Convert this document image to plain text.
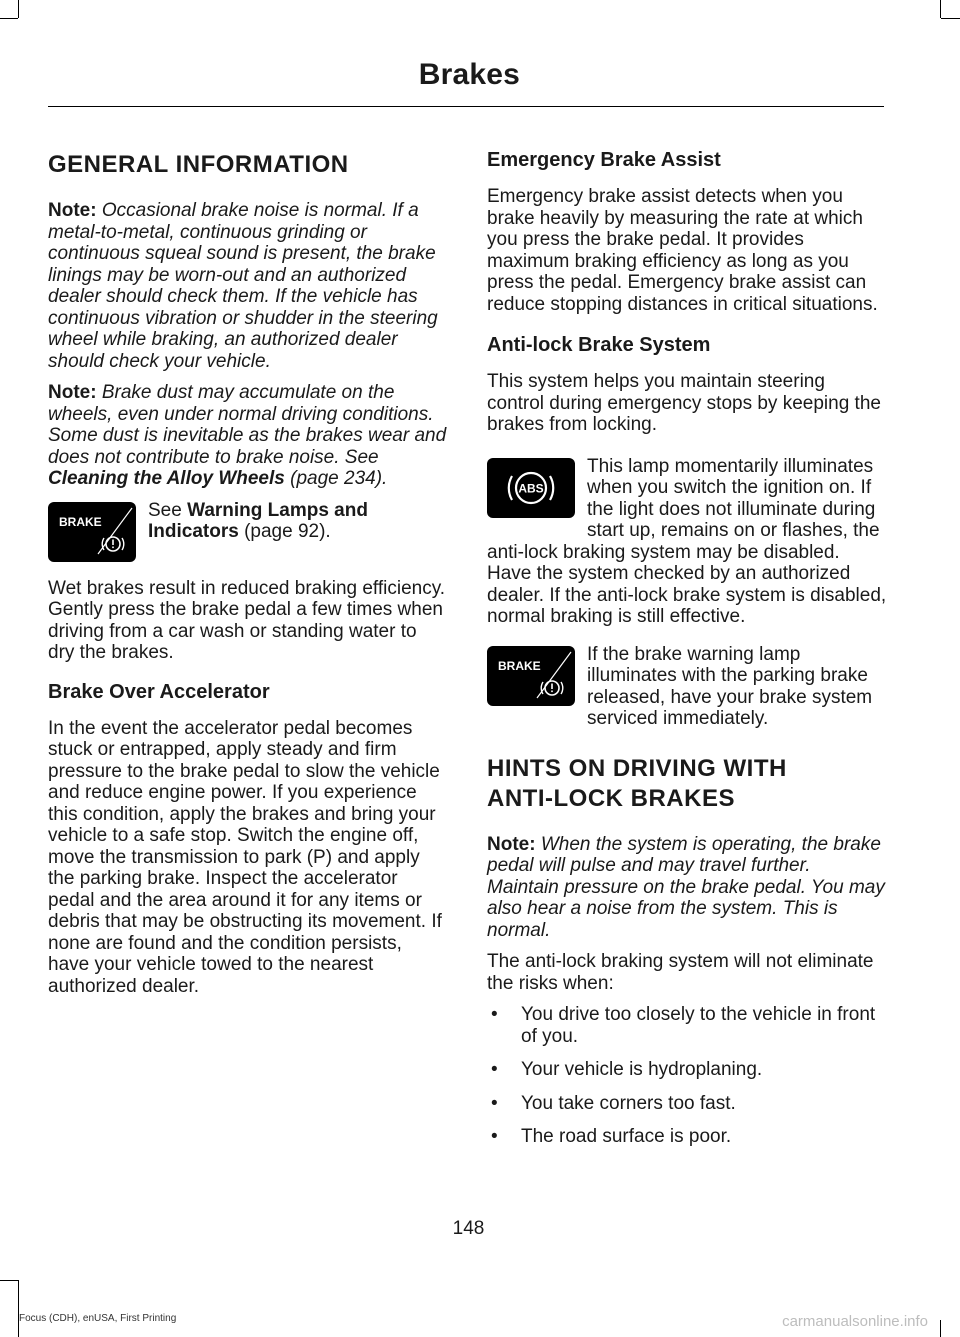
Brakes
GENERAL INFORMATION

Note: Occasional brake noise is normal. If a metal-to-metal, continuous grinding or continuous squeal sound is present, the brake linings may be worn-out and an authorized dealer should check them. If the vehicle has continuous vibration or shudder in the steering wheel while braking, an authorized dealer should check your vehicle.

Note: Brake dust may accumulate on the wheels, even under normal driving conditions. Some dust is inevitable as the brakes wear and does not contribute to brake noise. See Cleaning the Alloy Wheels (page 234).

BRAKE
See Warning Lamps and Indicators (page 92).

Wet brakes result in reduced braking efficiency. Gently press the brake pedal a few times when driving from a car wash or standing water to dry the brakes.

Brake Over Accelerator

In the event the accelerator pedal becomes stuck or entrapped, apply steady and firm pressure to the brake pedal to slow the vehicle and reduce engine power. If you experience this condition, apply the brakes and bring your vehicle to a safe stop. Switch the engine off, move the transmission to park (P) and apply the parking brake. Inspect the accelerator pedal and the area around it for any items or debris that may be obstructing its movement. If none are found and the condition persists, have your vehicle towed to the nearest authorized dealer.

Emergency Brake Assist

Emergency brake assist detects when you brake heavily by measuring the rate at which you press the brake pedal. It provides maximum braking efficiency as long as you press the pedal. Emergency brake assist can reduce stopping distances in critical situations.

Anti-lock Brake System

This system helps you maintain steering control during emergency stops by keeping the brakes from locking.

ABS
This lamp momentarily illuminates when you switch the ignition on. If the light does not illuminate during start up, remains on or flashes, the anti-lock braking system may be disabled. Have the system checked by an authorized dealer. If the anti-lock brake system is disabled, normal braking is still effective.
BRAKE
If the brake warning lamp illuminates with the parking brake released, have your brake system serviced immediately.
HINTS ON DRIVING WITH
ANTI-LOCK BRAKES

Note: When the system is operating, the brake pedal will pulse and may travel further. Maintain pressure on the brake pedal. You may also hear a noise from the system. This is normal.

The anti-lock braking system will not eliminate the risks when:

• You drive too closely to the vehicle in front of you.
• Your vehicle is hydroplaning.
• You take corners too fast.
• The road surface is poor.
148
Focus (CDH), enUSA, First Printing	carmanualsonline.info
